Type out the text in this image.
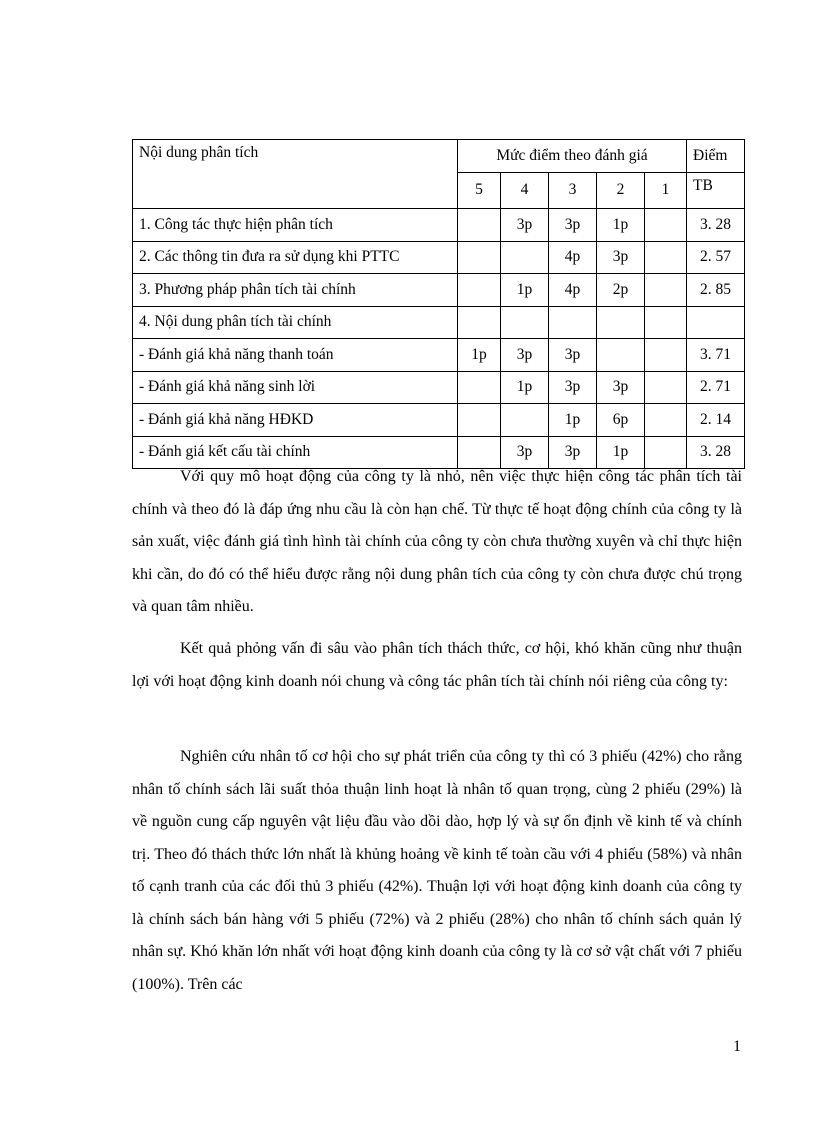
Nội dung phân tích	Mức điểm theo đánh giá					Điểm
	5	4	3	2	1	TB
1. Công tác thực hiện phân tích		3p	3p	1p		3. 28
2. Các thông tin đưa ra sử dụng khi PTTC			4p	3p		2. 57
3. Phương pháp phân tích tài chính		1p	4p	2p		2. 85
4. Nội dung phân tích tài chính						
- Đánh giá khả năng thanh toán	1p	3p	3p			3. 71
- Đánh giá khả năng sinh lời		1p	3p	3p		2. 71
- Đánh giá khả năng HĐKD			1p	6p		2. 14
- Đánh giá kết cấu tài chính		3p	3p	1p		3. 28

Với quy mô hoạt động của công ty là nhỏ, nên việc thực hiện công tác phân tích tài chính và theo đó là đáp ứng nhu cầu là còn hạn chế. Từ thực tế hoạt động chính của công ty là sản xuất, việc đánh giá tình hình tài chính của công ty còn chưa thường xuyên và chỉ thực hiện khi cần, do đó có thể hiểu được rằng nội dung phân tích của công ty còn chưa được chú trọng và quan tâm nhiều.

Kết quả phỏng vấn đi sâu vào phân tích thách thức, cơ hội, khó khăn cũng như thuận lợi với hoạt động kinh doanh nói chung và công tác phân tích tài chính nói riêng của công ty:

Nghiên cứu nhân tố cơ hội cho sự phát triển của công ty thì có 3 phiếu (42%) cho rằng nhân tố chính sách lãi suất thỏa thuận linh hoạt là nhân tố quan trọng, cùng 2 phiếu (29%) là về nguồn cung cấp nguyên vật liệu đầu vào dồi dào, hợp lý và sự ổn định về kinh tế và chính trị. Theo đó thách thức lớn nhất là khủng hoảng về kinh tế toàn cầu với 4 phiếu (58%) và nhân tố cạnh tranh của các đối thủ 3 phiếu (42%). Thuận lợi với hoạt động kinh doanh của công ty là chính sách bán hàng với 5 phiếu (72%) và 2 phiếu (28%) cho nhân tố chính sách quản lý nhân sự. Khó khăn lớn nhất với hoạt động kinh doanh của công ty là cơ sở vật chất với 7 phiếu (100%). Trên các

1
